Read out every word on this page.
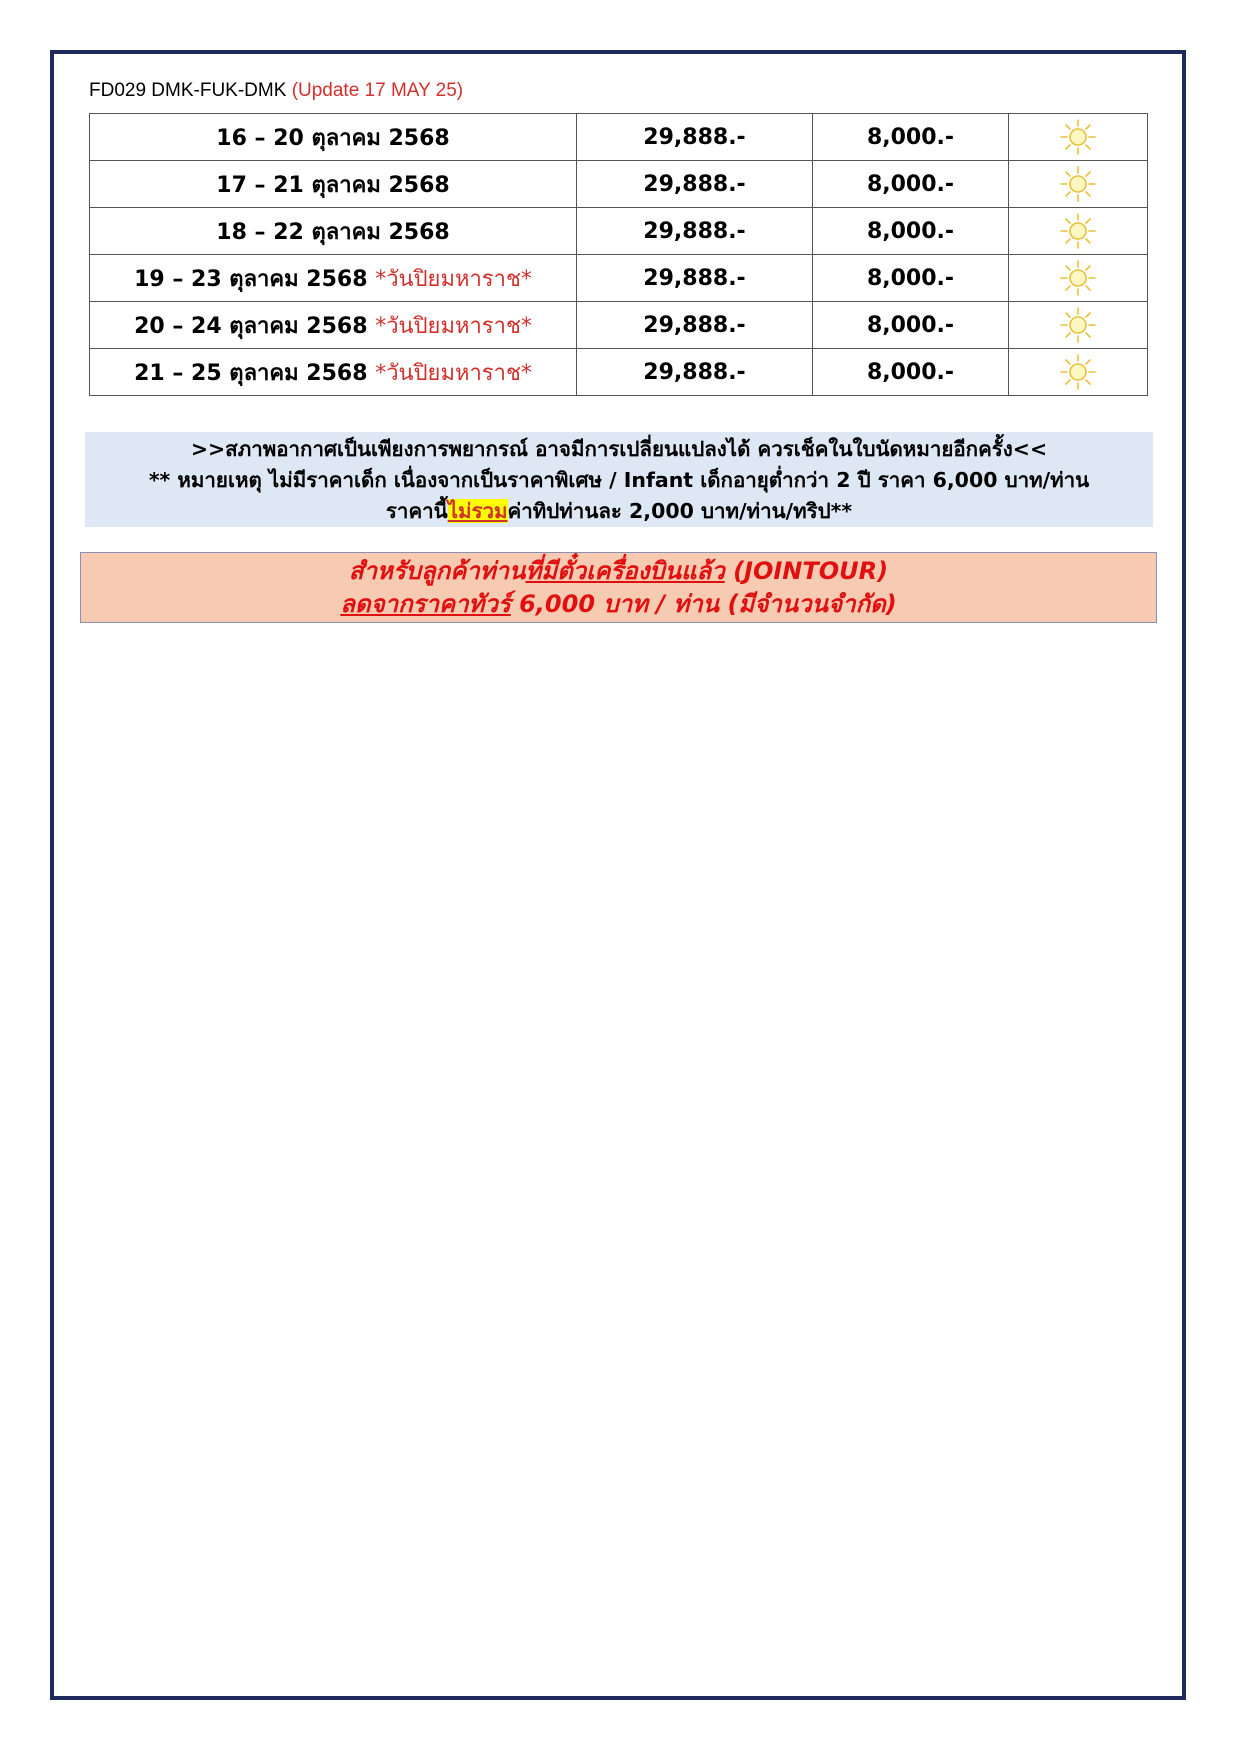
FD029 DMK-FUK-DMK (Update 17 MAY 25)
16 – 20 ตุลาคม 2568	29,888.-	8,000.-	
17 – 21 ตุลาคม 2568	29,888.-	8,000.-	
18 – 22 ตุลาคม 2568	29,888.-	8,000.-	
19 – 23 ตุลาคม 2568 *วันปิยมหาราช*	29,888.-	8,000.-	
20 – 24 ตุลาคม 2568 *วันปิยมหาราช*	29,888.-	8,000.-	
21 – 25 ตุลาคม 2568 *วันปิยมหาราช*	29,888.-	8,000.-	
>>สภาพอากาศเป็นเพียงการพยากรณ์ อาจมีการเปลี่ยนแปลงได้ ควรเช็คในใบนัดหมายอีกครั้ง<<
** หมายเหตุ ไม่มีราคาเด็ก เนื่องจากเป็นราคาพิเศษ / Infant เด็กอายุต่ำกว่า 2 ปี ราคา 6,000 บาท/ท่าน
ราคานี้ไม่รวมค่าทิปท่านละ 2,000 บาท/ท่าน/ทริป**
สำหรับลูกค้าท่านที่มีตั๋วเครื่องบินแล้ว (JOINTOUR)
ลดจากราคาทัวร์ 6,000 บาท / ท่าน (มีจำนวนจำกัด)
